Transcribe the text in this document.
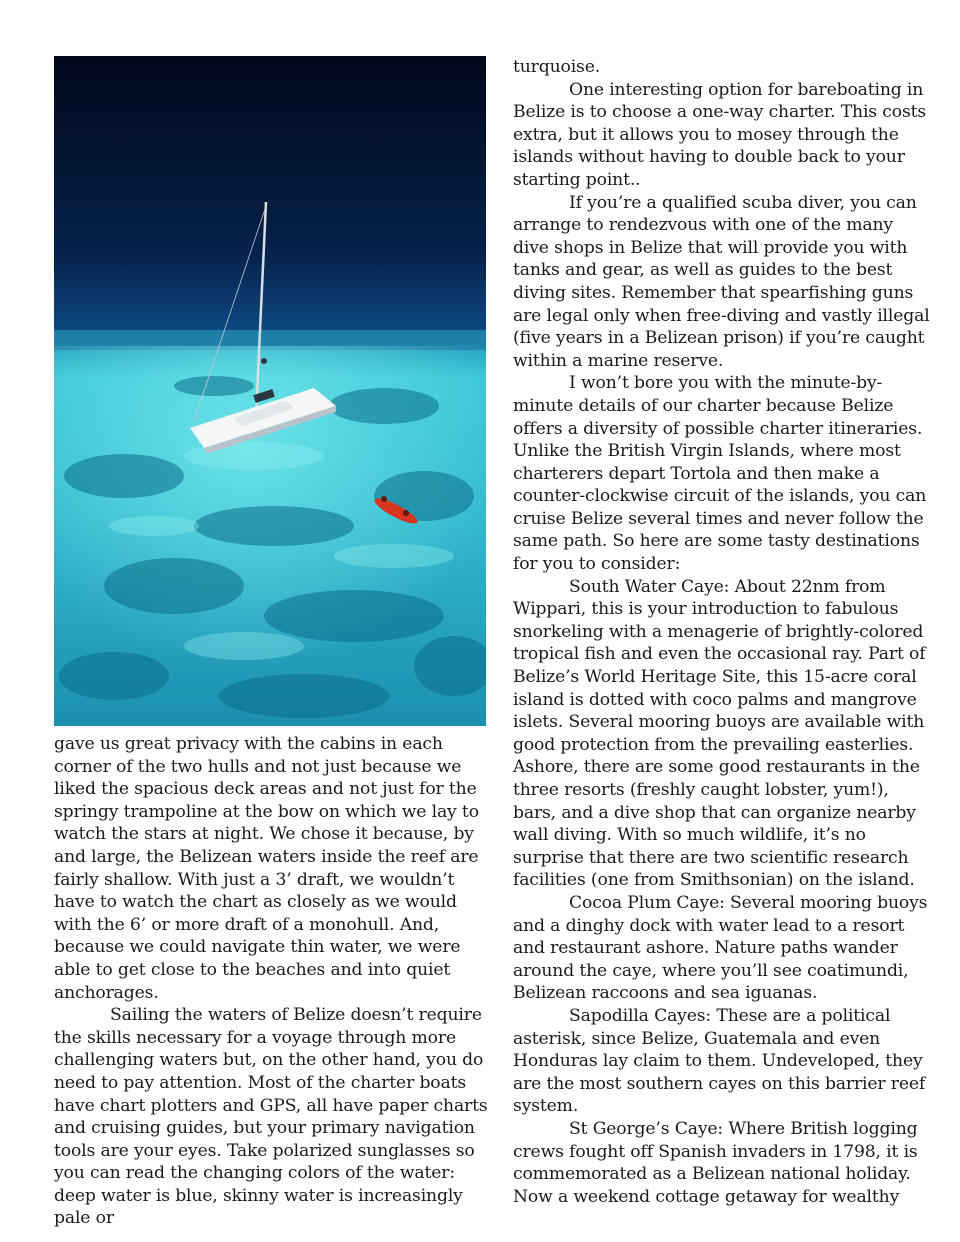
gave us great privacy with the cabins in each corner of the two hulls and not just because we liked the spacious deck areas and not just for the springy trampoline at the bow on which we lay to watch the stars at night. We chose it because, by and large, the Belizean waters inside the reef are fairly shallow. With just a 3’ draft, we wouldn’t have to watch the chart as closely as we would with the 6’ or more draft of a monohull. And, because we could navigate thin water, we were able to get close to the beaches and into quiet anchorages.

Sailing the waters of Belize doesn’t require the skills necessary for a voyage through more challenging waters but, on the other hand, you do need to pay attention. Most of the charter boats have chart plotters and GPS, all have paper charts and cruising guides, but your primary navigation tools are your eyes. Take polarized sunglasses so you can read the changing colors of the water: deep water is blue, skinny water is increasingly pale or

turquoise.

One interesting option for bareboating in Belize is to choose a one-way charter. This costs extra, but it allows you to mosey through the islands without having to double back to your starting point..

If you’re a qualified scuba diver, you can arrange to rendezvous with one of the many dive shops in Belize that will provide you with tanks and gear, as well as guides to the best diving sites. Remember that spearfishing guns are legal only when free-diving and vastly illegal (five years in a Belizean prison) if you’re caught within a marine reserve.

I won’t bore you with the minute-by-minute details of our charter because Belize offers a diversity of possible charter itineraries. Unlike the British Virgin Islands, where most charterers depart Tortola and then make a counter-clockwise circuit of the islands, you can cruise Belize several times and never follow the same path. So here are some tasty destinations for you to consider:

South Water Caye: About 22nm from Wippari, this is your introduction to fabulous snorkeling with a menagerie of brightly-colored tropical fish and even the occasional ray. Part of Belize’s World Heritage Site, this 15-acre coral island is dotted with coco palms and mangrove islets. Several mooring buoys are available with good protection from the prevailing easterlies. Ashore, there are some good restaurants in the three resorts (freshly caught lobster, yum!), bars, and a dive shop that can organize nearby wall diving. With so much wildlife, it’s no surprise that there are two scientific research facilities (one from Smithsonian) on the island.

Cocoa Plum Caye: Several mooring buoys and a dinghy dock with water lead to a resort and restaurant ashore. Nature paths wander around the caye, where you’ll see coatimundi, Belizean raccoons and sea iguanas.

Sapodilla Cayes: These are a political asterisk, since Belize, Guatemala and even Honduras lay claim to them. Undeveloped, they are the most southern cayes on this barrier reef system.

St George’s Caye: Where British logging crews fought off Spanish invaders in 1798, it is commemorated as a Belizean national holiday. Now a weekend cottage getaway for wealthy
